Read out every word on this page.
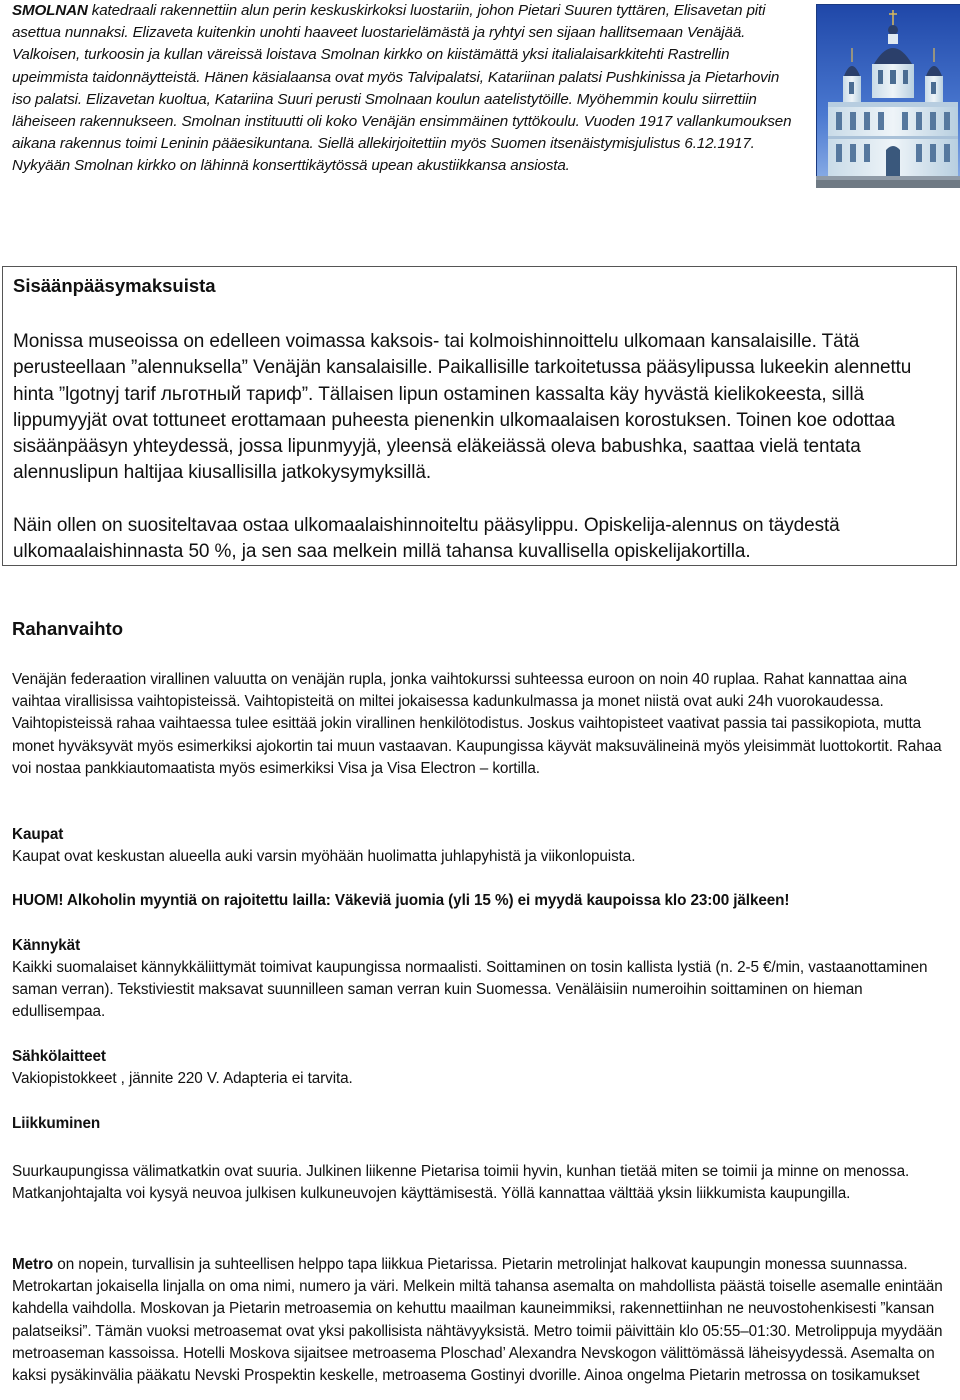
SMOLNAN katedraali rakennettiin alun perin keskuskirkoksi luostariin, johon Pietari Suuren tyttären, Elisavetan piti asettua nunnaksi. Elizaveta kuitenkin unohti haaveet luostarielämästä ja ryhtyi sen sijaan hallitsemaan Venäjää. Valkoisen, turkoosin ja kullan väreissä loistava Smolnan kirkko on kiistämättä yksi italialaisarkkitehti Rastrellin upeimmista taidonnäytteistä. Hänen käsialaansa ovat myös Talvipalatsi, Katariinan palatsi Pushkinissa ja Pietarhovin iso palatsi. Elizavetan kuoltua, Katariina Suuri perusti Smolnaan koulun aatelistytöille. Myöhemmin koulu siirrettiin läheiseen rakennukseen. Smolnan instituutti oli koko Venäjän ensimmäinen tyttökoulu. Vuoden 1917 vallankumouksen aikana rakennus toimi Leninin pääesikuntana. Siellä allekirjoitettiin myös Suomen itsenäistymisjulistus 6.12.1917. Nykyään Smolnan kirkko on lähinnä konserttikäytössä upean akustiikkansa ansiosta.
Sisäänpääsymaksuista
Monissa museoissa on edelleen voimassa kaksois- tai kolmoishinnoittelu ulkomaan kansalaisille. Tätä perusteellaan ”alennuksella” Venäjän kansalaisille. Paikallisille tarkoitetussa pääsylipussa lukeekin alennettu hinta ”lgotnyj tarif льготный тариф”. Tällaisen lipun ostaminen kassalta käy hyvästä kielikokeesta, sillä lippumyyjät ovat tottuneet erottamaan puheesta pienenkin ulkomaalaisen korostuksen. Toinen koe odottaa sisäänpääsyn yhteydessä, jossa lipunmyyjä, yleensä eläkeiässä oleva babushka, saattaa vielä tentata alennuslipun haltijaa kiusallisilla jatkokysymyksillä.
Näin ollen on suositeltavaa ostaa ulkomaalaishinnoiteltu pääsylippu. Opiskelija-alennus on täydestä ulkomaalaishinnasta 50 %, ja sen saa melkein millä tahansa kuvallisella opiskelijakortilla.
Rahanvaihto
Venäjän federaation virallinen valuutta on venäjän rupla, jonka vaihtokurssi suhteessa euroon on noin 40 ruplaa. Rahat kannattaa aina vaihtaa virallisissa vaihtopisteissä. Vaihtopisteitä on miltei jokaisessa kadunkulmassa ja monet niistä ovat auki 24h vuorokaudessa. Vaihtopisteissä rahaa vaihtaessa tulee esittää jokin virallinen henkilötodistus. Joskus vaihtopisteet vaativat passia tai passikopiota, mutta monet hyväksyvät myös esimerkiksi ajokortin tai muun vastaavan. Kaupungissa käyvät maksuvälineinä myös yleisimmät luottokortit. Rahaa voi nostaa pankkiautomaatista myös esimerkiksi Visa ja Visa Electron – kortilla.
Kaupat
Kaupat ovat keskustan alueella auki varsin myöhään huolimatta juhlapyhistä ja viikonlopuista.
HUOM! Alkoholin myyntiä on rajoitettu lailla: Väkeviä juomia (yli 15 %) ei myydä kaupoissa klo 23:00 jälkeen!
Kännykät
Kaikki suomalaiset kännykkäliittymät toimivat kaupungissa normaalisti. Soittaminen on tosin kallista lystiä (n. 2-5 €/min, vastaanottaminen saman verran). Tekstiviestit maksavat suunnilleen saman verran kuin Suomessa. Venäläisiin numeroihin soittaminen on hieman edullisempaa.
Sähkölaitteet
Vakiopistokkeet , jännite 220 V. Adapteria ei tarvita.
Liikkuminen
Suurkaupungissa välimatkatkin ovat suuria. Julkinen liikenne Pietarisa toimii hyvin, kunhan tietää miten se toimii ja minne on menossa. Matkanjohtajalta voi kysyä neuvoa julkisen kulkuneuvojen käyttämisestä. Yöllä kannattaa välttää yksin liikkumista kaupungilla.
Metro on nopein, turvallisin ja suhteellisen helppo tapa liikkua Pietarissa. Pietarin metrolinjat halkovat kaupungin monessa suunnassa. Metrokartan jokaisella linjalla on oma nimi, numero ja väri. Melkein miltä tahansa asemalta on mahdollista päästä toiselle asemalle enintään kahdella vaihdolla. Moskovan ja Pietarin metroasemia on kehuttu maailman kauneimmiksi, rakennettiinhan ne neuvostohenkisesti ”kansan palatseiksi”. Tämän vuoksi metroasemat ovat yksi pakollisista nähtävyyksistä. Metro toimii päivittäin klo 05:55–01:30. Metrolippuja myydään metroaseman kassoissa. Hotelli Moskova sijaitsee metroasema Ploschad’ Alexandra Nevskogon välittömässä läheisyydessä. Asemalta on kaksi pysäkinvälia pääkatu Nevski Prospektin keskelle, metroasema Gostinyi dvorille. Ainoa ongelma Pietarin metrossa on tosikamukset
